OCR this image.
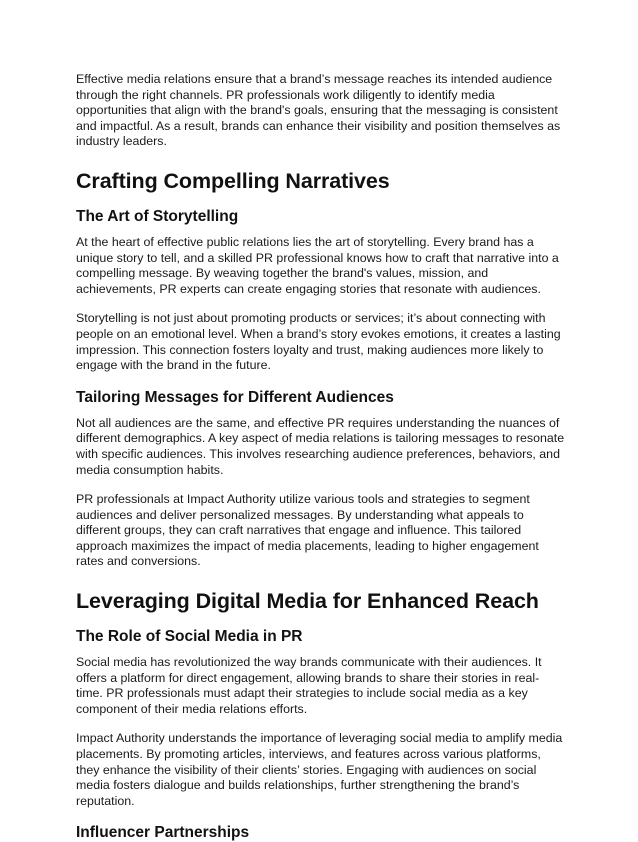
Effective media relations ensure that a brand’s message reaches its intended audience through the right channels. PR professionals work diligently to identify media opportunities that align with the brand's goals, ensuring that the messaging is consistent and impactful. As a result, brands can enhance their visibility and position themselves as industry leaders.

Crafting Compelling Narratives
The Art of Storytelling

At the heart of effective public relations lies the art of storytelling. Every brand has a unique story to tell, and a skilled PR professional knows how to craft that narrative into a compelling message. By weaving together the brand's values, mission, and achievements, PR experts can create engaging stories that resonate with audiences.

Storytelling is not just about promoting products or services; it’s about connecting with people on an emotional level. When a brand’s story evokes emotions, it creates a lasting impression. This connection fosters loyalty and trust, making audiences more likely to engage with the brand in the future.

Tailoring Messages for Different Audiences

Not all audiences are the same, and effective PR requires understanding the nuances of different demographics. A key aspect of media relations is tailoring messages to resonate with specific audiences. This involves researching audience preferences, behaviors, and media consumption habits.

PR professionals at Impact Authority utilize various tools and strategies to segment audiences and deliver personalized messages. By understanding what appeals to different groups, they can craft narratives that engage and influence. This tailored approach maximizes the impact of media placements, leading to higher engagement rates and conversions.

Leveraging Digital Media for Enhanced Reach
The Role of Social Media in PR

Social media has revolutionized the way brands communicate with their audiences. It offers a platform for direct engagement, allowing brands to share their stories in real-time. PR professionals must adapt their strategies to include social media as a key component of their media relations efforts.

Impact Authority understands the importance of leveraging social media to amplify media placements. By promoting articles, interviews, and features across various platforms, they enhance the visibility of their clients’ stories. Engaging with audiences on social media fosters dialogue and builds relationships, further strengthening the brand’s reputation.

Influencer Partnerships
